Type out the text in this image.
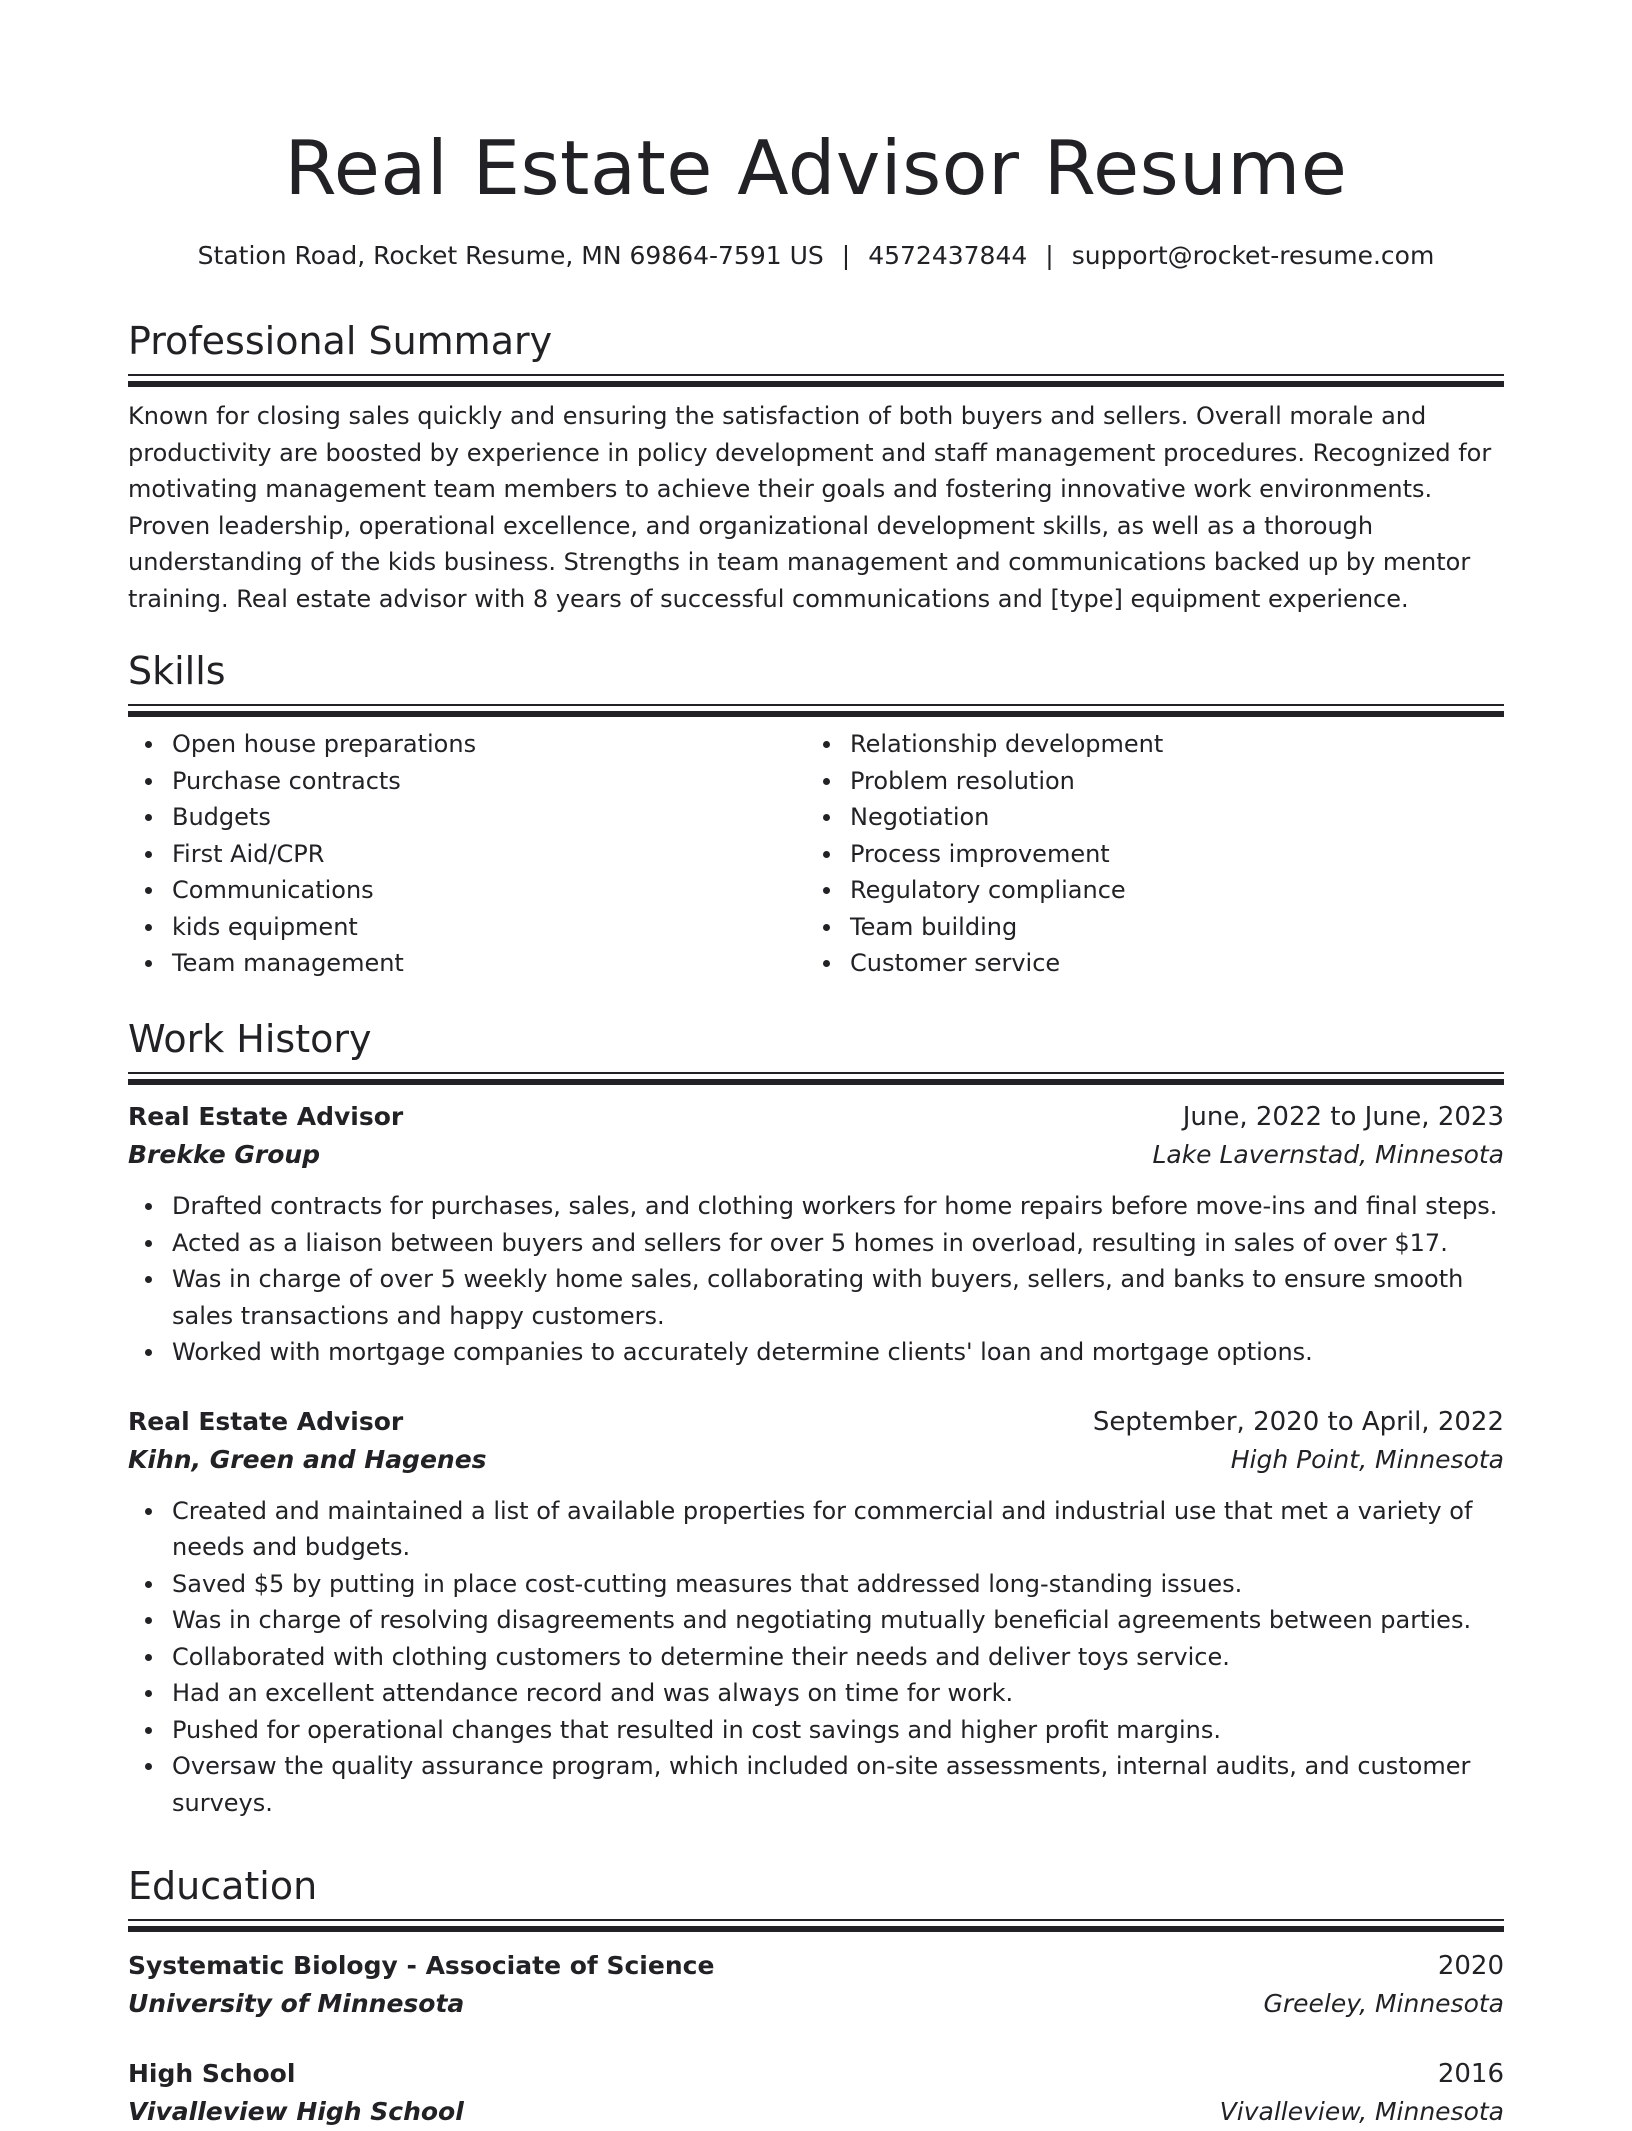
Real Estate Advisor Resume
Station Road, Rocket Resume, MN 69864-7591 US | 4572437844 | support@rocket-resume.com
Professional Summary

Known for closing sales quickly and ensuring the satisfaction of both buyers and sellers. Overall morale and productivity are boosted by experience in policy development and staff management procedures. Recognized for motivating management team members to achieve their goals and fostering innovative work environments. Proven leadership, operational excellence, and organizational development skills, as well as a thorough understanding of the kids business. Strengths in team management and communications backed up by mentor training. Real estate advisor with 8 years of successful communications and [type] equipment experience.

Skills
Open house preparations
Purchase contracts
Budgets
First Aid/CPR
Communications
kids equipment
Team management
Relationship development
Problem resolution
Negotiation
Process improvement
Regulatory compliance
Team building
Customer service
Work History
Real Estate Advisor	June, 2022 to June, 2023
Brekke Group	Lake Lavernstad, Minnesota
Drafted contracts for purchases, sales, and clothing workers for home repairs before move-ins and final steps.
Acted as a liaison between buyers and sellers for over 5 homes in overload, resulting in sales of over $17.
Was in charge of over 5 weekly home sales, collaborating with buyers, sellers, and banks to ensure smooth sales transactions and happy customers.
Worked with mortgage companies to accurately determine clients' loan and mortgage options.
Real Estate Advisor	September, 2020 to April, 2022
Kihn, Green and Hagenes	High Point, Minnesota
Created and maintained a list of available properties for commercial and industrial use that met a variety of needs and budgets.
Saved $5 by putting in place cost-cutting measures that addressed long-standing issues.
Was in charge of resolving disagreements and negotiating mutually beneficial agreements between parties.
Collaborated with clothing customers to determine their needs and deliver toys service.
Had an excellent attendance record and was always on time for work.
Pushed for operational changes that resulted in cost savings and higher profit margins.
Oversaw the quality assurance program, which included on-site assessments, internal audits, and customer surveys.
Education
Systematic Biology - Associate of Science	2020
University of Minnesota	Greeley, Minnesota
High School	2016
Vivalleview High School	Vivalleview, Minnesota
